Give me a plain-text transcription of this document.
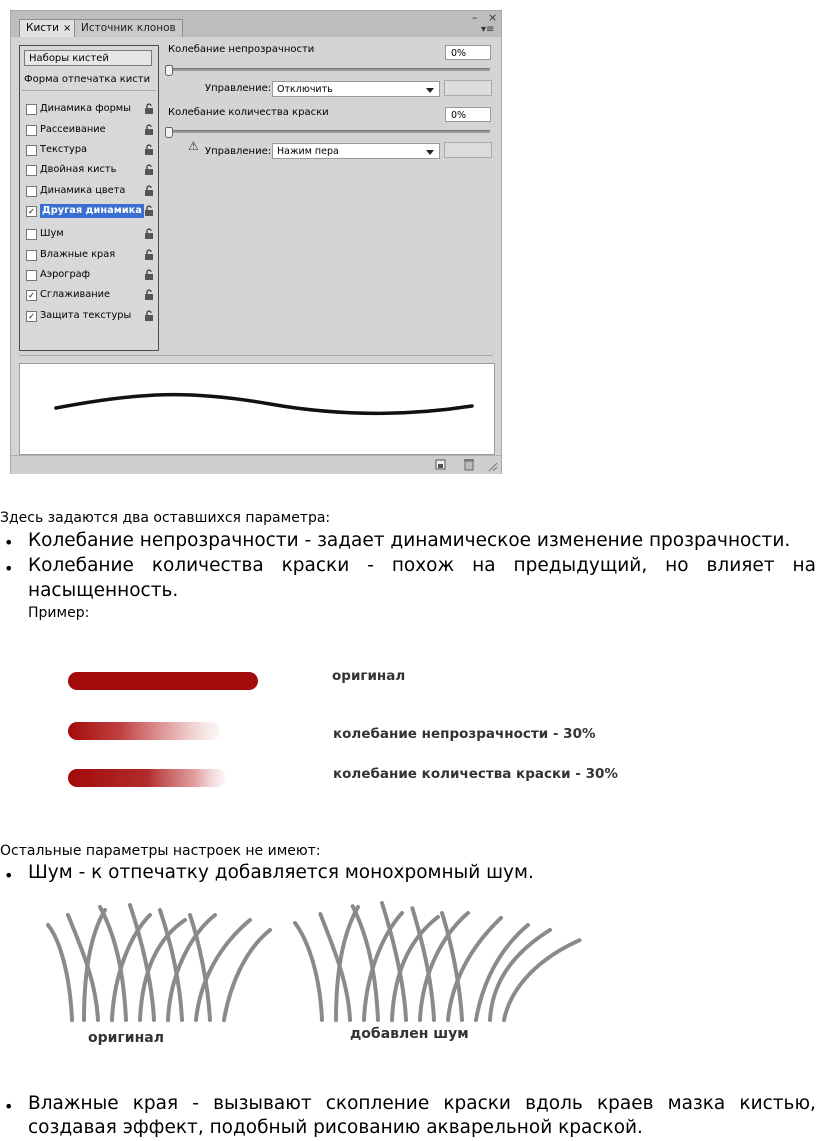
Кисти × Источник клонов
– ×
▾≡
Наборы кистей
Форма отпечатка кисти
Динамика формы
Рассеивание
Текстура
Двойная кисть
Динамика цвета
✓ Другая динамика
Шум
Влажные края
Аэрограф
✓ Сглаживание
✓ Защита текстуры
Колебание непрозрачности	0%
Управление: Отключить
Колебание количества краски	0%
⚠ Управление: Нажим пера
Здесь задаются два оставшихся параметра:
• Колебание непрозрачности - задает динамическое изменение прозрачности.
• Колебание количества краски - похож на предыдущий, но влияет на
насыщенность.
Пример:
оригинал
колебание непрозрачности - 30%
колебание количества краски - 30%
Остальные параметры настроек не имеют:
• Шум - к отпечатку добавляется монохромный шум.
оригинал	добавлен шум
• Влажные края - вызывают скопление краски вдоль краев мазка кистью,
создавая эффект, подобный рисованию акварельной краской.
